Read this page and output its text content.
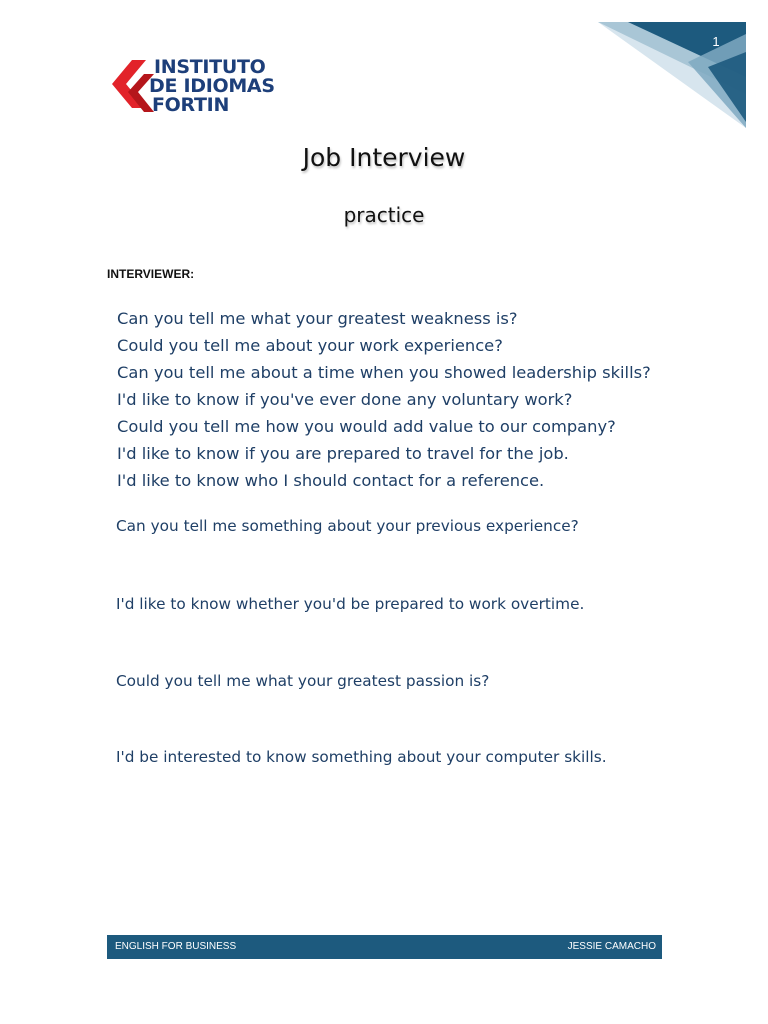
1
INSTITUTO
DE IDIOMAS
FORTIN
Job Interview
practice
INTERVIEWER:
Can you tell me what your greatest weakness is?
Could you tell me about your work experience?
Can you tell me about a time when you showed leadership skills?
I'd like to know if you've ever done any voluntary work?
Could you tell me how you would add value to our company?
I'd like to know if you are prepared to travel for the job.
I'd like to know who I should contact for a reference.
Can you tell me something about your previous experience?
I'd like to know whether you'd be prepared to work overtime.
Could you tell me what your greatest passion is?
I'd be interested to know something about your computer skills.
ENGLISH FOR BUSINESS	JESSIE CAMACHO
